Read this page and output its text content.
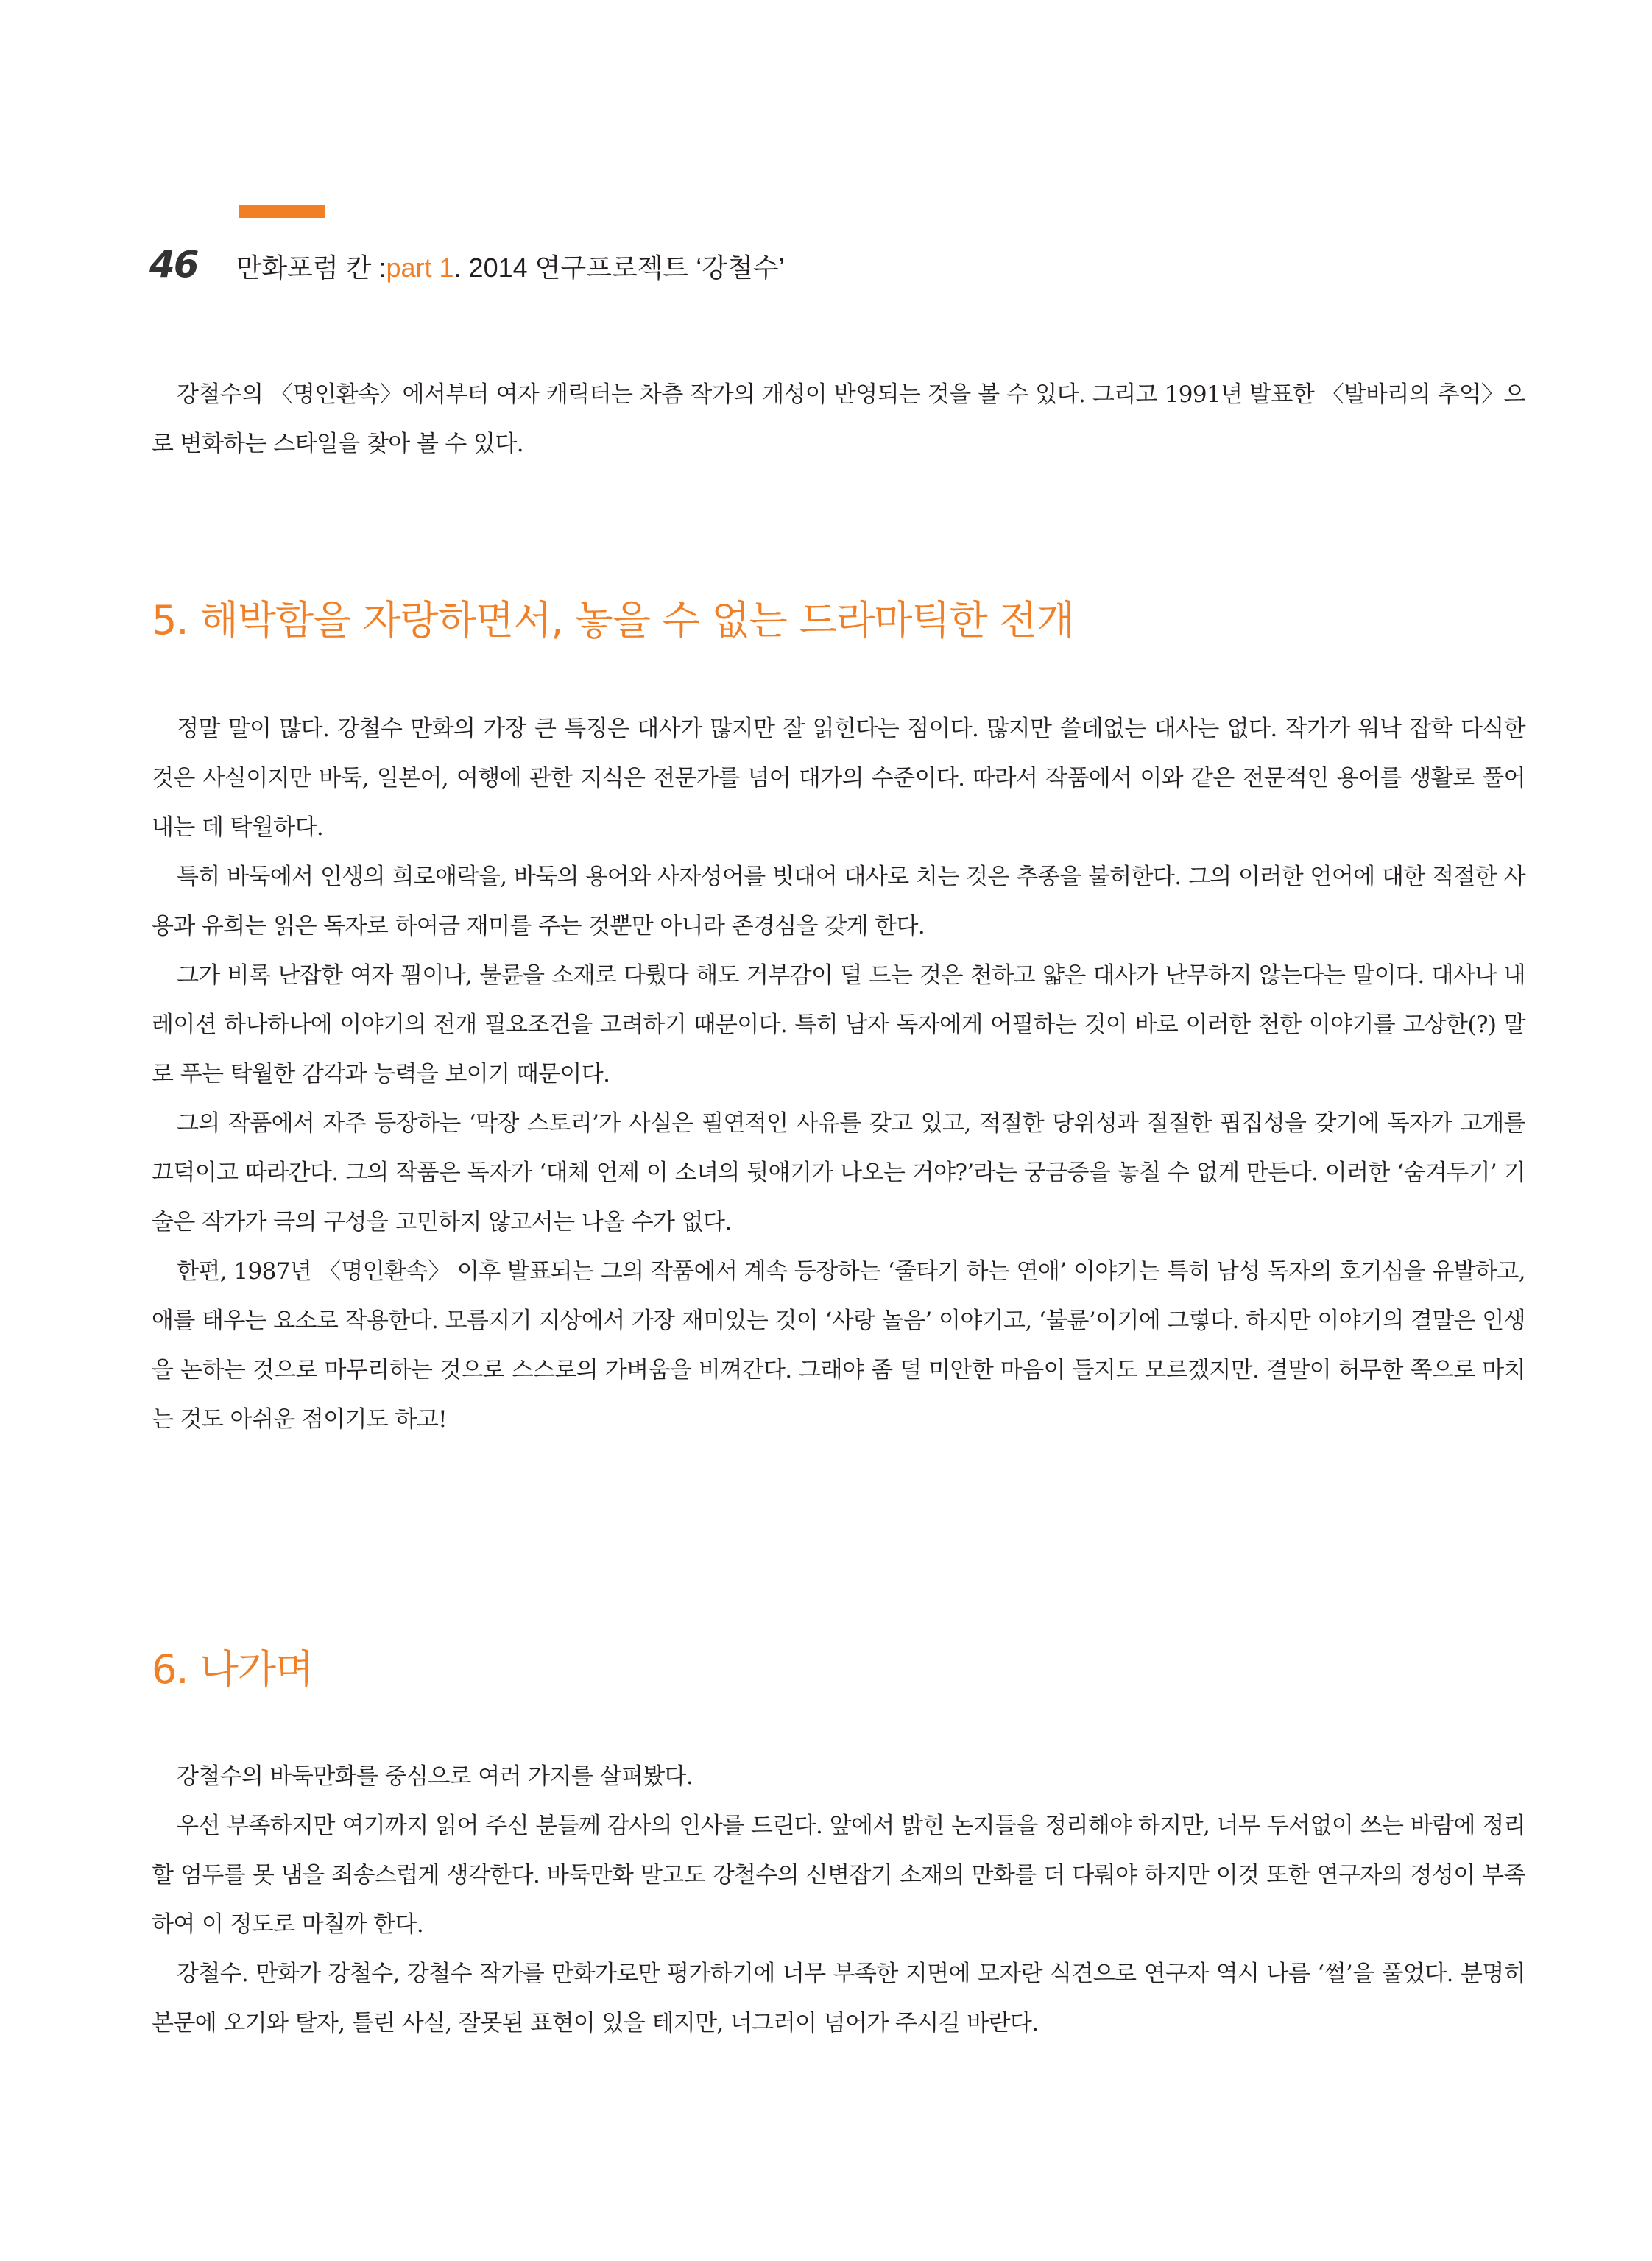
46 만화포럼 칸 : part 1 . 2014 연구프로젝트 ‘강철수’

강철수의 〈명인환속〉에서부터 여자 캐릭터는 차츰 작가의 개성이 반영되는 것을 볼 수 있다. 그리고 1991년 발표한 〈발바리의 추억〉으로 변화하는 스타일을 찾아 볼 수 있다.

5. 해박함을 자랑하면서, 놓을 수 없는 드라마틱한 전개

정말 말이 많다. 강철수 만화의 가장 큰 특징은 대사가 많지만 잘 읽힌다는 점이다. 많지만 쓸데없는 대사는 없다. 작가가 워낙 잡학 다식한 것은 사실이지만 바둑, 일본어, 여행에 관한 지식은 전문가를 넘어 대가의 수준이다. 따라서 작품에서 이와 같은 전문적인 용어를 생활로 풀어내는 데 탁월하다.

특히 바둑에서 인생의 희로애락을, 바둑의 용어와 사자성어를 빗대어 대사로 치는 것은 추종을 불허한다. 그의 이러한 언어에 대한 적절한 사용과 유희는 읽은 독자로 하여금 재미를 주는 것뿐만 아니라 존경심을 갖게 한다.

그가 비록 난잡한 여자 꾐이나, 불륜을 소재로 다뤘다 해도 거부감이 덜 드는 것은 천하고 얇은 대사가 난무하지 않는다는 말이다. 대사나 내레이션 하나하나에 이야기의 전개 필요조건을 고려하기 때문이다. 특히 남자 독자에게 어필하는 것이 바로 이러한 천한 이야기를 고상한(?) 말로 푸는 탁월한 감각과 능력을 보이기 때문이다.

그의 작품에서 자주 등장하는 ‘막장 스토리’가 사실은 필연적인 사유를 갖고 있고, 적절한 당위성과 절절한 핍집성을 갖기에 독자가 고개를 끄덕이고 따라간다. 그의 작품은 독자가 ‘대체 언제 이 소녀의 뒷얘기가 나오는 거야?’라는 궁금증을 놓칠 수 없게 만든다. 이러한 ‘숨겨두기’ 기술은 작가가 극의 구성을 고민하지 않고서는 나올 수가 없다.

한편, 1987년 〈명인환속〉 이후 발표되는 그의 작품에서 계속 등장하는 ‘줄타기 하는 연애’ 이야기는 특히 남성 독자의 호기심을 유발하고, 애를 태우는 요소로 작용한다. 모름지기 지상에서 가장 재미있는 것이 ‘사랑 놀음’ 이야기고, ‘불륜’이기에 그렇다. 하지만 이야기의 결말은 인생을 논하는 것으로 마무리하는 것으로 스스로의 가벼움을 비껴간다. 그래야 좀 덜 미안한 마음이 들지도 모르겠지만. 결말이 허무한 쪽으로 마치는 것도 아쉬운 점이기도 하고!

6. 나가며

강철수의 바둑만화를 중심으로 여러 가지를 살펴봤다.

우선 부족하지만 여기까지 읽어 주신 분들께 감사의 인사를 드린다. 앞에서 밝힌 논지들을 정리해야 하지만, 너무 두서없이 쓰는 바람에 정리할 엄두를 못 냄을 죄송스럽게 생각한다. 바둑만화 말고도 강철수의 신변잡기 소재의 만화를 더 다뤄야 하지만 이것 또한 연구자의 정성이 부족하여 이 정도로 마칠까 한다.

강철수. 만화가 강철수, 강철수 작가를 만화가로만 평가하기에 너무 부족한 지면에 모자란 식견으로 연구자 역시 나름 ‘썰’을 풀었다. 분명히 본문에 오기와 탈자, 틀린 사실, 잘못된 표현이 있을 테지만, 너그러이 넘어가 주시길 바란다.
